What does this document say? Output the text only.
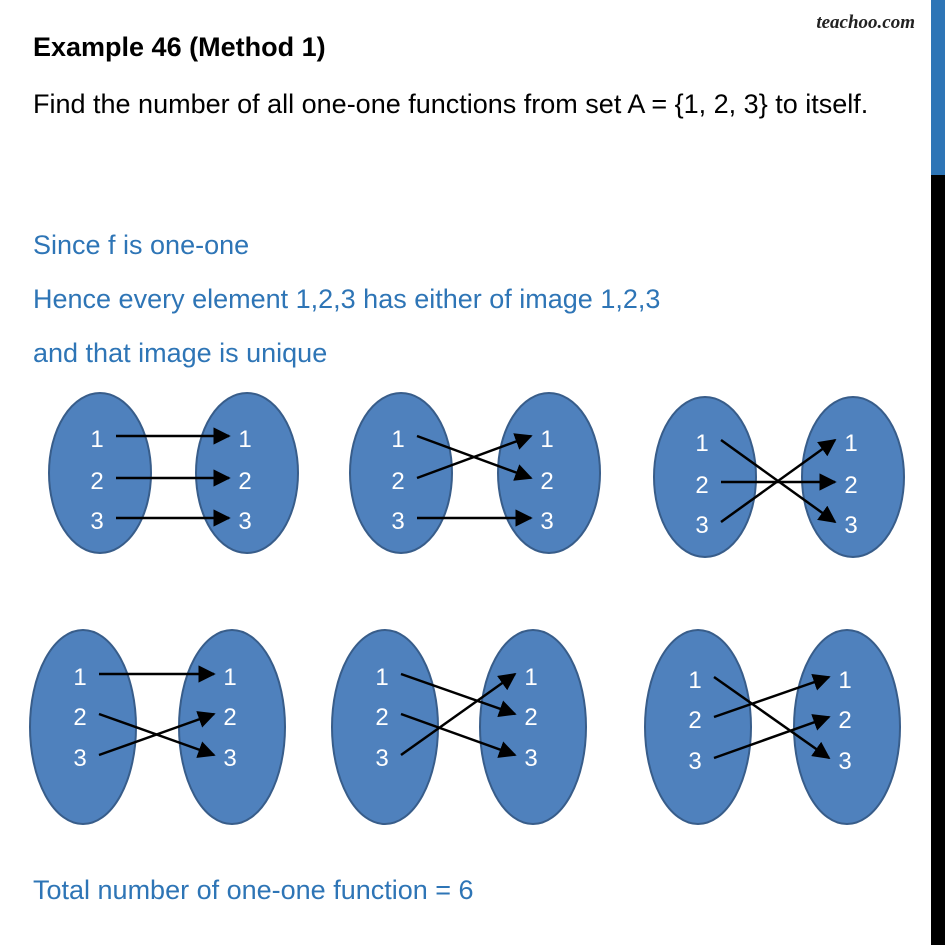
teachoo.com
Example 46 (Method 1)
Find the number of all one-one functions from set A = {1, 2, 3} to itself.
Since f is one-one
Hence every element 1,2,3 has either of image 1,2,3
and that image is unique
1	1
2	2
3	3
1	1
2	2
3	3
1	1
2	2
3	3
1	1
2	2
3	3
1	1
2	2
3	3
1	1
2	2
3	3
Total number of one-one function = 6
